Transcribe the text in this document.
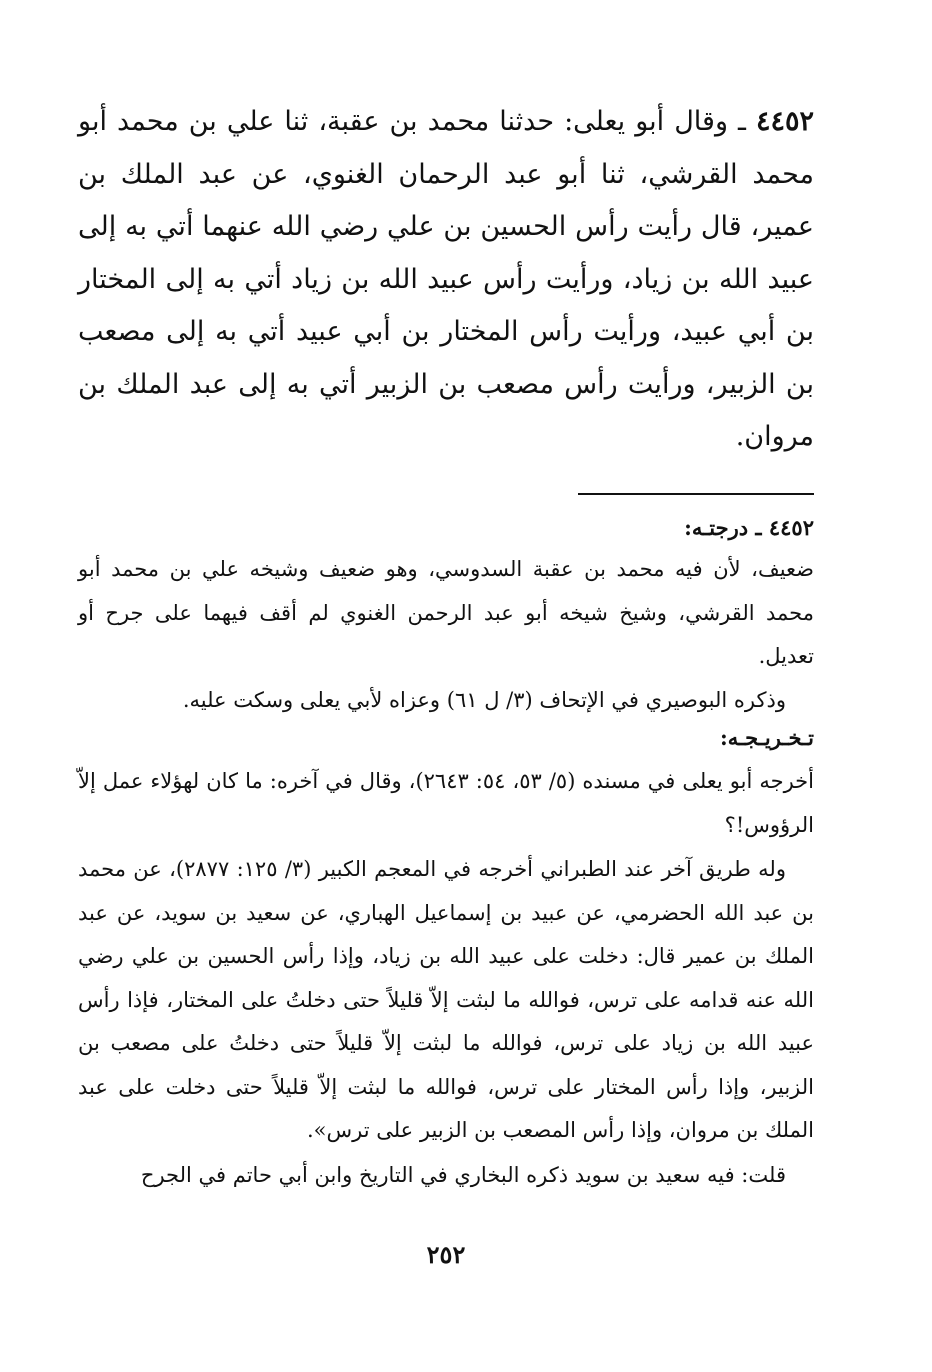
٤٤٥٢ ـ وقال أبو يعلى: حدثنا محمد بن عقبة، ثنا علي بن محمد أبو محمد القرشي، ثنا أبو عبد الرحمان الغنوي، عن عبد الملك بن عمير، قال رأيت رأس الحسين بن علي رضي الله عنهما أتي به إلى عبيد الله بن زياد، ورأيت رأس عبيد الله بن زياد أتي به إلى المختار بن أبي عبيد، ورأيت رأس المختار بن أبي عبيد أتي به إلى مصعب بن الزبير، ورأيت رأس مصعب بن الزبير أتي به إلى عبد الملك بن مروان.

٤٤٥٢ ـ درجتـه:

ضعيف، لأن فيه محمد بن عقبة السدوسي، وهو ضعيف وشيخه علي بن محمد أبو محمد القرشي، وشيخ شيخه أبو عبد الرحمن الغنوي لم أقف فيهما على جرح أو تعديل.

وذكره البوصيري في الإتحاف (٣/ ل ٦١) وعزاه لأبي يعلى وسكت عليه.

تـخـريـجـه:

أخرجه أبو يعلى في مسنده (٥/ ٥٣، ٥٤: ٢٦٤٣)، وقال في آخره: ما كان لهؤلاء عمل إلاّ الرؤوس!؟

وله طريق آخر عند الطبراني أخرجه في المعجم الكبير (٣/ ١٢٥: ٢٨٧٧)، عن محمد بن عبد الله الحضرمي، عن عبيد بن إسماعيل الهباري، عن سعيد بن سويد، عن عبد الملك بن عمير قال: دخلت على عبيد الله بن زياد، وإذا رأس الحسين بن علي رضي الله عنه قدامه على ترس، فوالله ما لبثت إلاّ قليلاً حتى دخلتُ على المختار، فإذا رأس عبيد الله بن زياد على ترس، فوالله ما لبثت إلاّ قليلاً حتى دخلتُ على مصعب بن الزبير، وإذا رأس المختار على ترس، فوالله ما لبثت إلاّ قليلاً حتى دخلت على عبد الملك بن مروان، وإذا رأس المصعب بن الزبير على ترس».

قلت: فيه سعيد بن سويد ذكره البخاري في التاريخ وابن أبي حاتم في الجرح

٢٥٢
